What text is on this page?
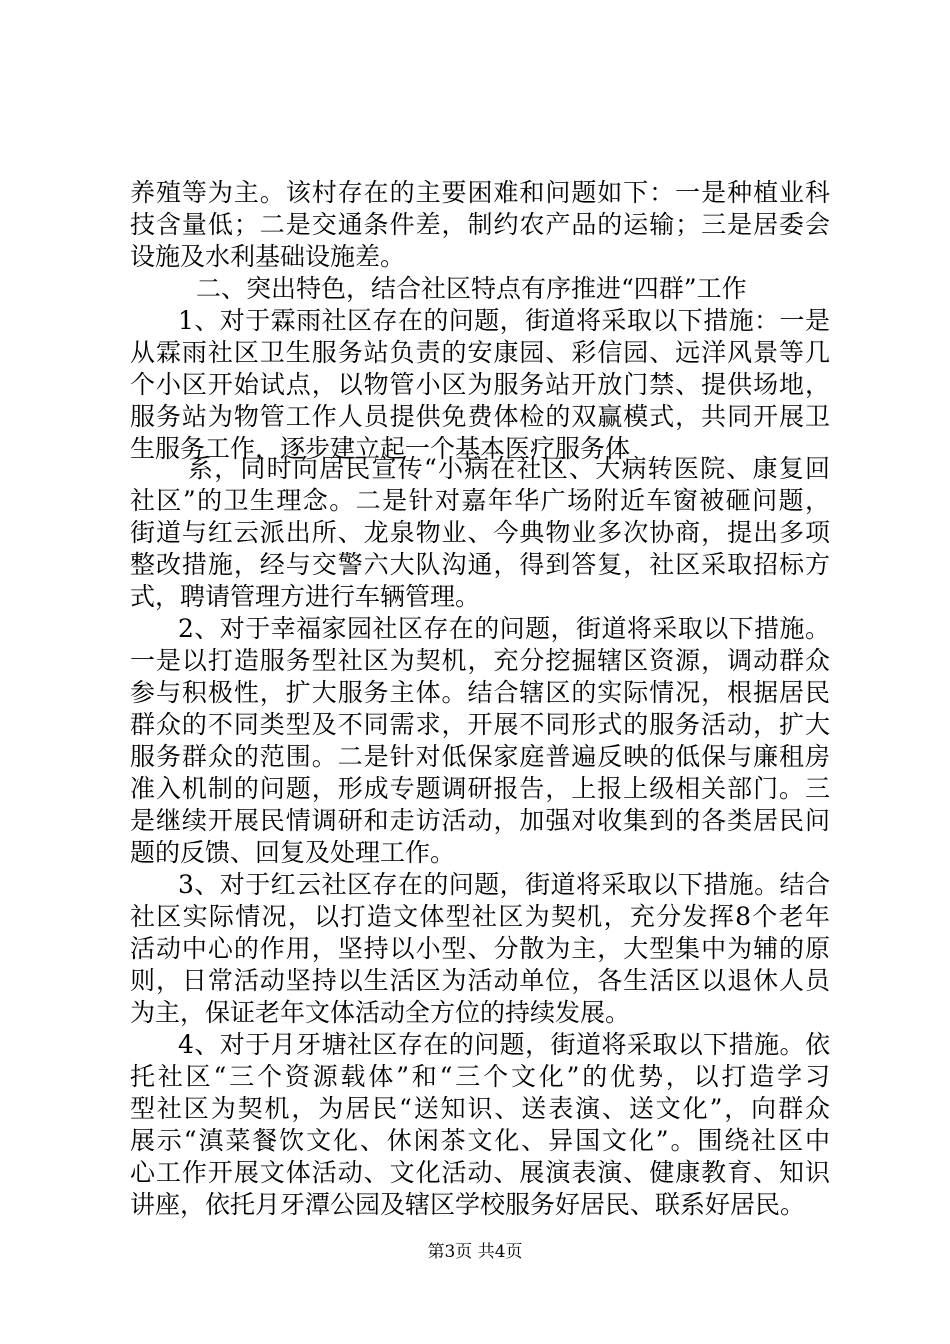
养殖等为主。该村存在的主要困难和问题如下：一是种植业科
技含量低；二是交通条件差，制约农产品的运输；三是居委会
设施及水利基础设施差。
二、突出特色，结合社区特点有序推进“四群”工作
1、对于霖雨社区存在的问题，街道将采取以下措施：一是
从霖雨社区卫生服务站负责的安康园、彩信园、远洋风景等几
个小区开始试点，以物管小区为服务站开放门禁、提供场地，
服务站为物管工作人员提供免费体检的双赢模式，共同开展卫
生服务工作，逐步建立起一个基本医疗服务体
系，同时向居民宣传“小病在社区、大病转医院、康复回
社区”的卫生理念。二是针对嘉年华广场附近车窗被砸问题，
街道与红云派出所、龙泉物业、今典物业多次协商，提出多项
整改措施，经与交警六大队沟通，得到答复，社区采取招标方
式，聘请管理方进行车辆管理。
2、对于幸福家园社区存在的问题，街道将采取以下措施。
一是以打造服务型社区为契机，充分挖掘辖区资源，调动群众
参与积极性，扩大服务主体。结合辖区的实际情况，根据居民
群众的不同类型及不同需求，开展不同形式的服务活动，扩大
服务群众的范围。二是针对低保家庭普遍反映的低保与廉租房
准入机制的问题，形成专题调研报告，上报上级相关部门。三
是继续开展民情调研和走访活动，加强对收集到的各类居民问
题的反馈、回复及处理工作。
3、对于红云社区存在的问题，街道将采取以下措施。结合
社区实际情况，以打造文体型社区为契机，充分发挥8个老年
活动中心的作用，坚持以小型、分散为主，大型集中为辅的原
则，日常活动坚持以生活区为活动单位，各生活区以退休人员
为主，保证老年文体活动全方位的持续发展。
4、对于月牙塘社区存在的问题，街道将采取以下措施。依
托社区“三个资源载体”和“三个文化”的优势，以打造学习
型社区为契机，为居民“送知识、送表演、送文化”，向群众
展示“滇菜餐饮文化、休闲茶文化、异国文化”。围绕社区中
心工作开展文体活动、文化活动、展演表演、健康教育、知识
讲座，依托月牙潭公园及辖区学校服务好居民、联系好居民。
第3页 共4页
